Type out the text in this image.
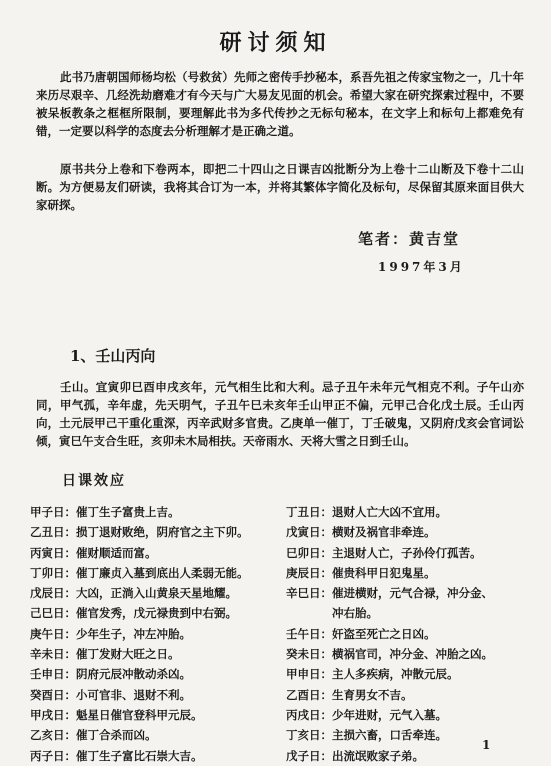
研讨须知

此书乃唐朝国师杨均松（号救贫）先师之密传手抄秘本，系吾先祖之传家宝物之一，几十年来历尽艰辛、几经洗劫磨难才有今天与广大易友见面的机会。希望大家在研究探索过程中，不要被呆板教条之框框所限制，要理解此书为多代传抄之无标句秘本，在文字上和标句上都难免有错，一定要以科学的态度去分析理解才是正确之道。

原书共分上卷和下卷两本，即把二十四山之日课吉凶批断分为上卷十二山断及下卷十二山断。为方便易友们研读，我将其合订为一本，并将其繁体字简化及标句，尽保留其原来面目供大家研探。

笔者：黄吉堂
1997年3月
1、壬山丙向

壬山。宜寅卯巳酉申戌亥年，元气相生比和大利。忌子丑午未年元气相克不利。子午山亦同，甲气孤，辛年虚，先天明气，子丑午巳未亥年壬山甲正不偏，元甲己合化戊土辰。壬山丙向，土元辰甲己干重化重深，丙辛武财多官贵。乙庚单一催丁，丁壬破鬼，又阴府戊亥会官词讼倾，寅巳午支合生旺，亥卯未木局相扶。天帝雨水、天将大雪之日到壬山。

日课效应
甲子日：催丁生子富贵上吉。
乙丑日：损丁退财败绝，阴府官之主下卯。
丙寅日：催财顺适而富。
丁卯日：催丁廉贞入墓到底出人柔弱无能。
戊辰日：大凶，正淌入山黄泉天星地耀。
己巳日：催官发秀，戊元禄贵到中右弼。
庚午日：少年生子，冲左冲胎。
辛未日：催丁发财大旺之日。
壬申日：阴府元辰冲散动杀凶。
癸酉日：小可官非、退财不利。
甲戌日：魁星日催官登科甲元辰。
乙亥日：催丁合杀而凶。
丙子日：催丁生子富比石崇大吉。
丁丑日：退财人亡大凶不宜用。
戊寅日：横财及祸官非牵连。
巳卯日：主退财人亡，子孙伶仃孤苦。
庚辰日：催贵科甲日犯鬼星。
辛巳日：催进横财，元气合禄，冲分金、冲右胎。
壬午日：奸盗至死亡之日凶。
癸未日：横祸官司，冲分金、冲胎之凶。
甲申日：主人多疾病，冲散元辰。
乙酉日：生育男女不吉。
丙戌日：少年进财，元气入墓。
丁亥日：主损六畜，口舌牵连。
戊子日：出流氓败家子弟。
1
